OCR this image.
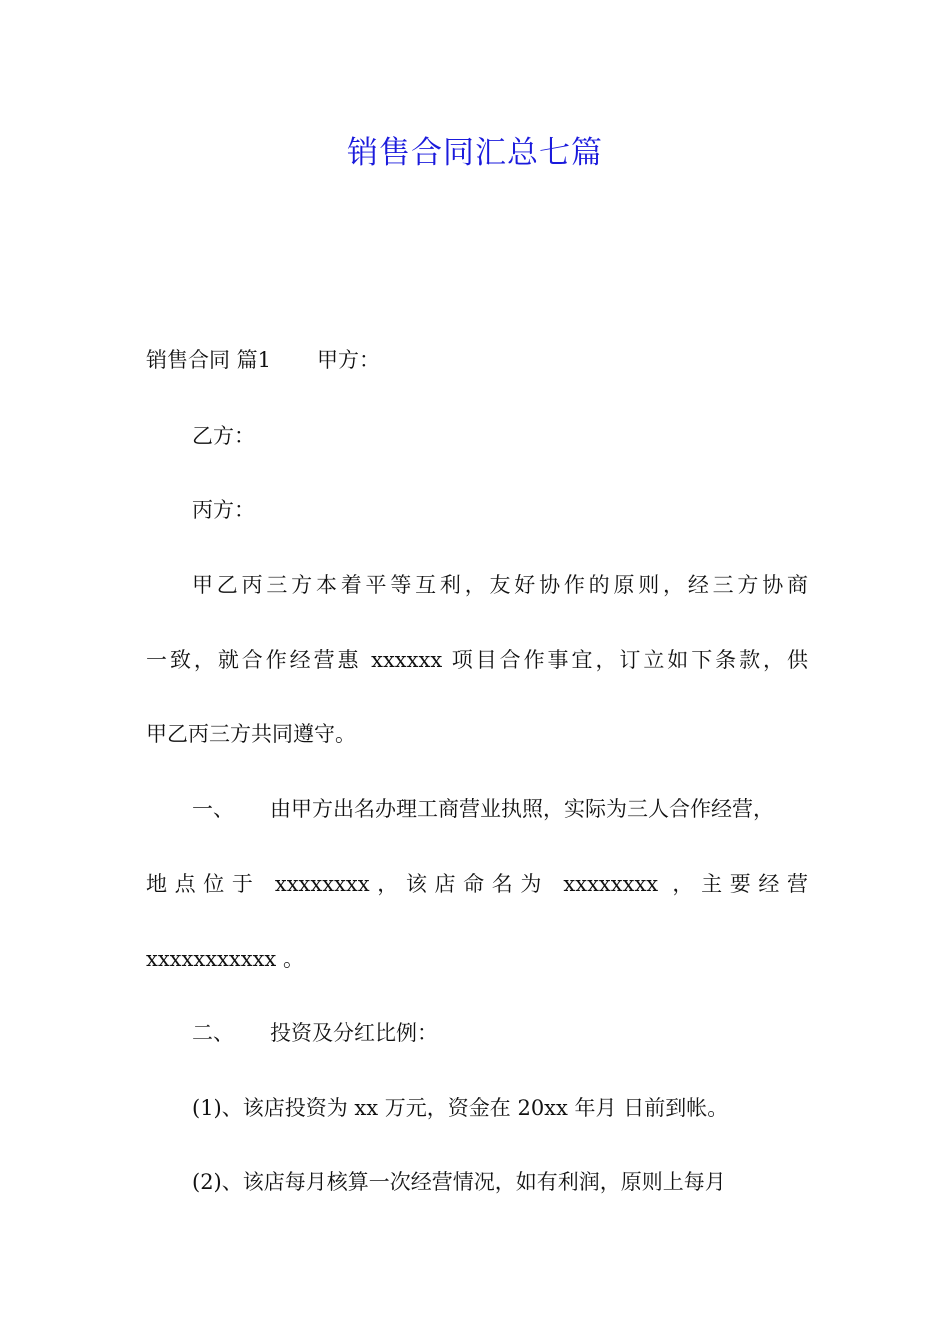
销售合同汇总七篇
销售合同 篇1 甲方：
乙方：
丙方：
甲乙丙三方本着平等互利，友好协作的原则，经三方协商
一致，就合作经营惠 xxxxxx 项目合作事宜，订立如下条款，供
甲乙丙三方共同遵守。
一、 由甲方出名办理工商营业执照，实际为三人合作经营，
地点位于 xxxxxxxx，该店命名为 xxxxxxxx ，主要经营
xxxxxxxxxxx 。
二、 投资及分红比例：
(1)、该店投资为 xx 万元，资金在 20xx 年月 日前到帐。
(2)、该店每月核算一次经营情况，如有利润，原则上每月
